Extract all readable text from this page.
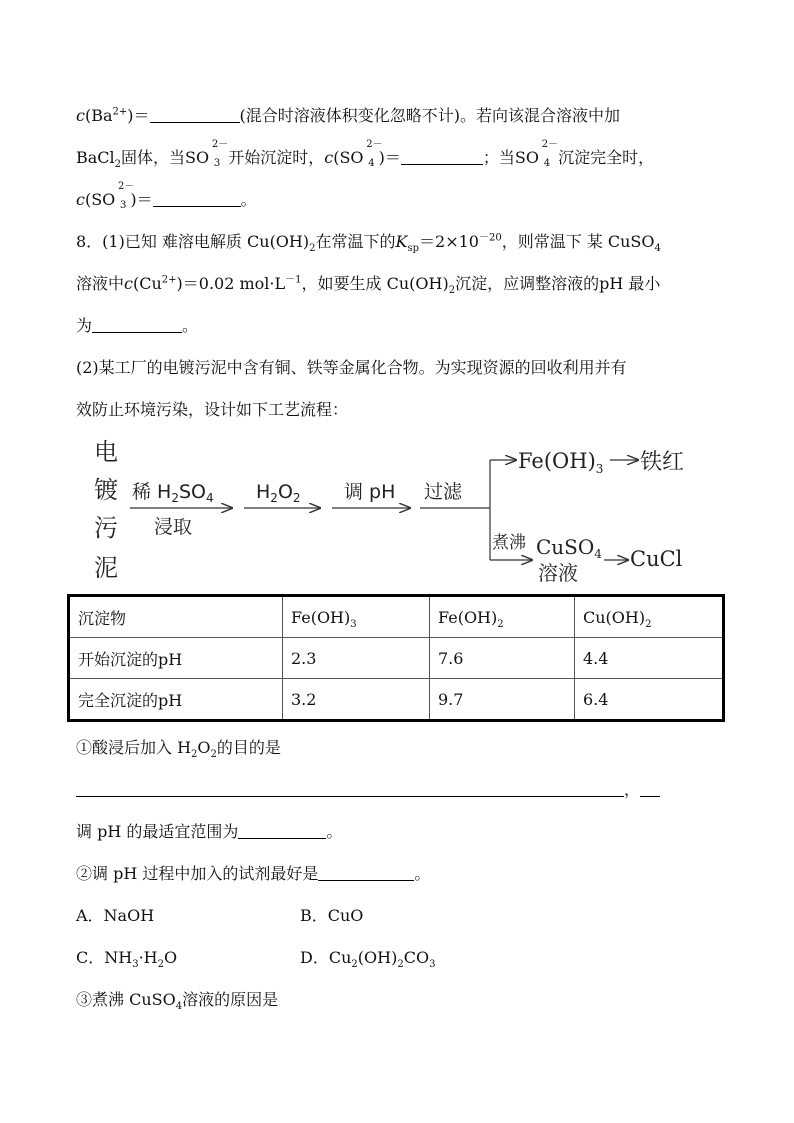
$c(Ba^{2+})=$	(混合时溶液体积变化忽略不计)。若向该混合溶液中加
BaCl$_2$固体，当SO
2－
3 开始沉淀时，c(SO
2－
4 )＝	；当SO
2－
4 沉淀完全时，
c(SO
2－
3 )＝	。
8．(1)已知 难溶电解质 $Cu(OH)_2$在常温下的$K_{sp}=2\times 10^{-20}$，则常温下 某 CuSO$_4$
溶液中$c(Cu^{2+})=0.02$ $mol\cdot L^{-1}$，如要生成 $Cu(OH)_2$沉淀，应调整溶液的pH 最小
为	。
(2)某工厂的电镀污泥中含有铜、铁等金属化合物。为实现资源的回收利用并有
效防止环境污染，设计如下工艺流程：
电
镀
污
泥
稀 $H_2SO_4$
浸取
$H_2O_2$ 调 pH 过滤
$Fe(OH)_3$ 铁红
煮沸 CuSO$_4$
溶液
CuCl
沉淀物	$Fe(OH)_3$	$Fe(OH)_2$	$Cu(OH)_2$
开始沉淀的pH	2.3	7.6	4.4
完全沉淀的pH	3.2	9.7	6.4
①酸浸后加入 $H_2O_2$的目的是
，
调 pH 的最适宜范围为	。
②调 pH 过程中加入的试剂最好是	。
A．NaOH	B．CuO
C．$NH_3\cdot H_2O$	D．$Cu_2(OH)_2CO_3$
③煮沸 CuSO$_4$溶液的原因是
